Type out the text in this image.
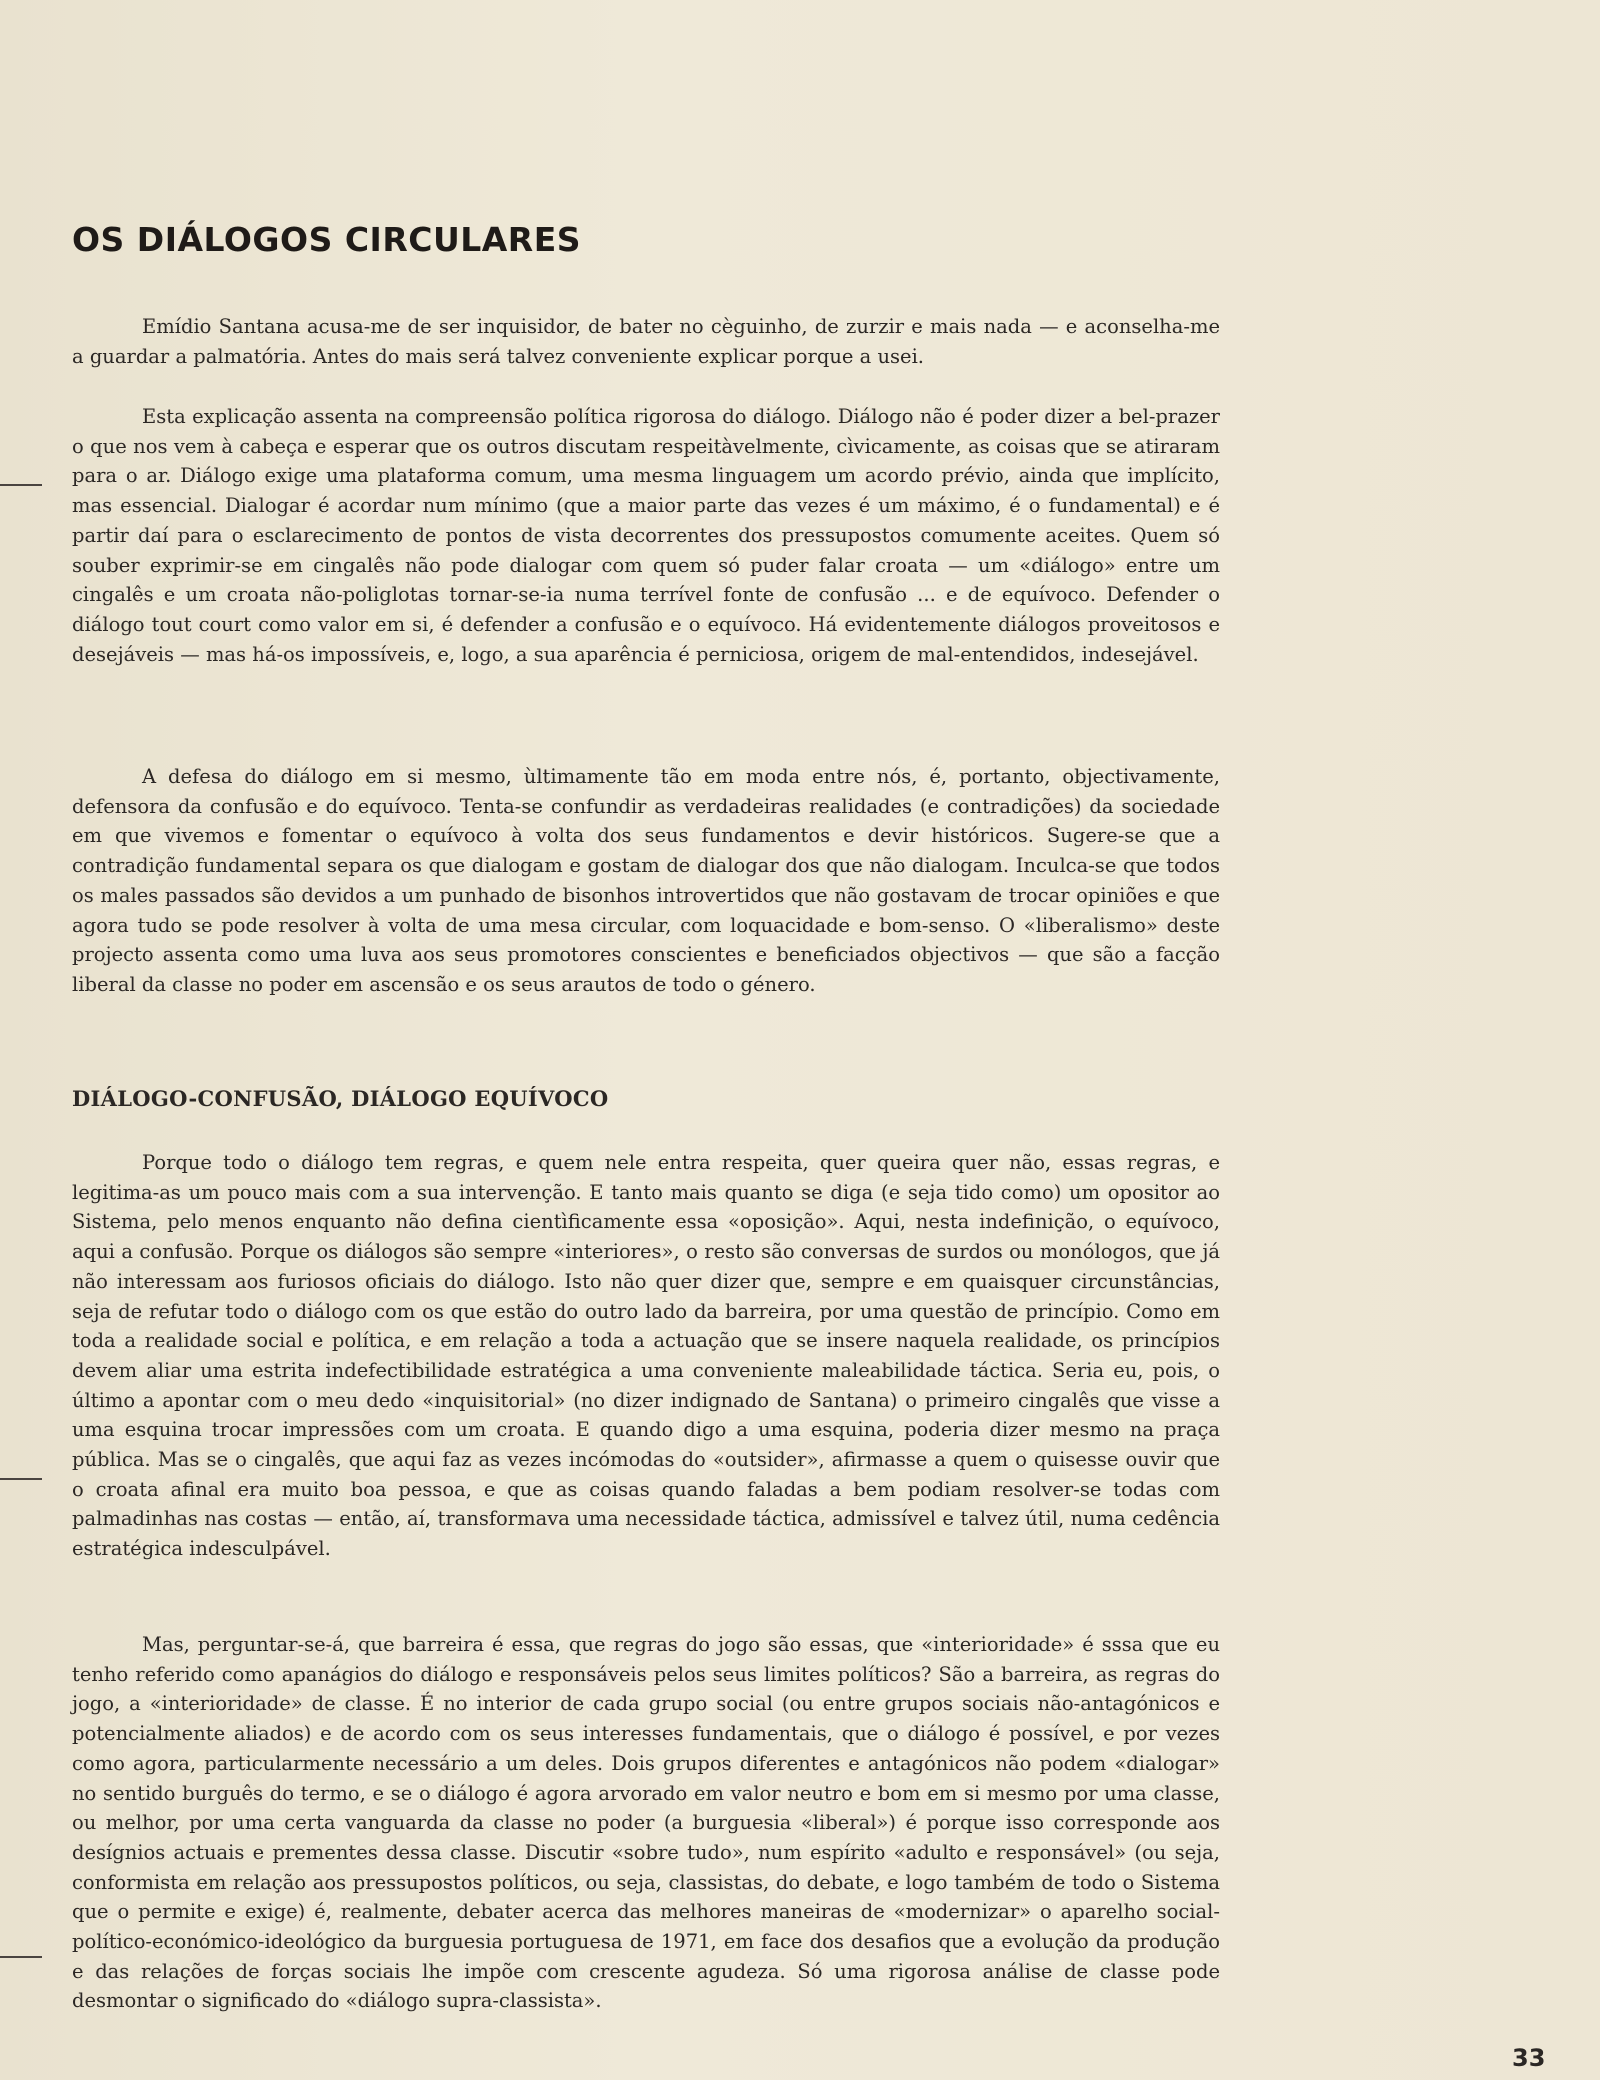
OS DIÁLOGOS CIRCULARES

Emídio Santana acusa-me de ser inquisidor, de bater no cèguinho, de zurzir e mais nada — e aconselha-me a guardar a palmatória. Antes do mais será talvez conveniente explicar porque a usei.

Esta explicação assenta na compreensão política rigorosa do diálogo. Diálogo não é poder dizer a bel-prazer o que nos vem à cabeça e esperar que os outros discutam respeitàvelmente, cìvicamente, as coisas que se atiraram para o ar. Diálogo exige uma plataforma comum, uma mesma linguagem um acordo prévio, ainda que implícito, mas essencial. Dialogar é acordar num mínimo (que a maior parte das vezes é um máximo, é o fundamental) e é partir daí para o esclarecimento de pontos de vista decorrentes dos pressupostos comumente aceites. Quem só souber exprimir-se em cingalês não pode dialogar com quem só puder falar croata — um «diálogo» entre um cingalês e um croata não-poliglotas tornar-se-ia numa terrível fonte de confusão ... e de equívoco. Defender o diálogo tout court como valor em si, é defender a confusão e o equívoco. Há evidentemente diálogos proveitosos e desejáveis — mas há-os impossíveis, e, logo, a sua aparência é perniciosa, origem de mal-entendidos, indesejável.

A defesa do diálogo em si mesmo, ùltimamente tão em moda entre nós, é, portanto, objectivamente, defensora da confusão e do equívoco. Tenta-se confundir as verdadeiras realidades (e contradições) da sociedade em que vivemos e fomentar o equívoco à volta dos seus fundamentos e devir históricos. Sugere-se que a contradição fundamental separa os que dialogam e gostam de dialogar dos que não dialogam. Inculca-se que todos os males passados são devidos a um punhado de bisonhos introvertidos que não gostavam de trocar opiniões e que agora tudo se pode resolver à volta de uma mesa circular, com loquacidade e bom-senso. O «liberalismo» deste projecto assenta como uma luva aos seus promotores conscientes e beneficiados objectivos — que são a facção liberal da classe no poder em ascensão e os seus arautos de todo o género.

DIÁLOGO-CONFUSÃO, DIÁLOGO EQUÍVOCO

Porque todo o diálogo tem regras, e quem nele entra respeita, quer queira quer não, essas regras, e legitima-as um pouco mais com a sua intervenção. E tanto mais quanto se diga (e seja tido como) um opositor ao Sistema, pelo menos enquanto não defina cientìficamente essa «oposição». Aqui, nesta indefinição, o equívoco, aqui a confusão. Porque os diálogos são sempre «interiores», o resto são conversas de surdos ou monólogos, que já não interessam aos furiosos oficiais do diálogo. Isto não quer dizer que, sempre e em quaisquer circunstâncias, seja de refutar todo o diálogo com os que estão do outro lado da barreira, por uma questão de princípio. Como em toda a realidade social e política, e em relação a toda a actuação que se insere naquela realidade, os princípios devem aliar uma estrita indefectibilidade estratégica a uma conveniente maleabilidade táctica. Seria eu, pois, o último a apontar com o meu dedo «inquisitorial» (no dizer indignado de Santana) o primeiro cingalês que visse a uma esquina trocar impressões com um croata. E quando digo a uma esquina, poderia dizer mesmo na praça pública. Mas se o cingalês, que aqui faz as vezes incómodas do «outsider», afirmasse a quem o quisesse ouvir que o croata afinal era muito boa pessoa, e que as coisas quando faladas a bem podiam resolver-se todas com palmadinhas nas costas — então, aí, transformava uma necessidade táctica, admissível e talvez útil, numa cedência estratégica indesculpável.

Mas, perguntar-se-á, que barreira é essa, que regras do jogo são essas, que «interioridade» é sssa que eu tenho referido como apanágios do diálogo e responsáveis pelos seus limites políticos? São a barreira, as regras do jogo, a «interioridade» de classe. É no interior de cada grupo social (ou entre grupos sociais não-antagónicos e potencialmente aliados) e de acordo com os seus interesses fundamentais, que o diálogo é possível, e por vezes como agora, particularmente necessário a um deles. Dois grupos diferentes e antagónicos não podem «dialogar» no sentido burguês do termo, e se o diálogo é agora arvorado em valor neutro e bom em si mesmo por uma classe, ou melhor, por uma certa vanguarda da classe no poder (a burguesia «liberal») é porque isso corresponde aos desígnios actuais e prementes dessa classe. Discutir «sobre tudo», num espírito «adulto e responsável» (ou seja, conformista em relação aos pressupostos políticos, ou seja, classistas, do debate, e logo também de todo o Sistema que o permite e exige) é, realmente, debater acerca das melhores maneiras de «modernizar» o aparelho social-político-económico-ideológico da burguesia portuguesa de 1971, em face dos desafios que a evolução da produção e das relações de forças sociais lhe impõe com crescente agudeza. Só uma rigorosa análise de classe pode desmontar o significado do «diálogo supra-classista».

33
